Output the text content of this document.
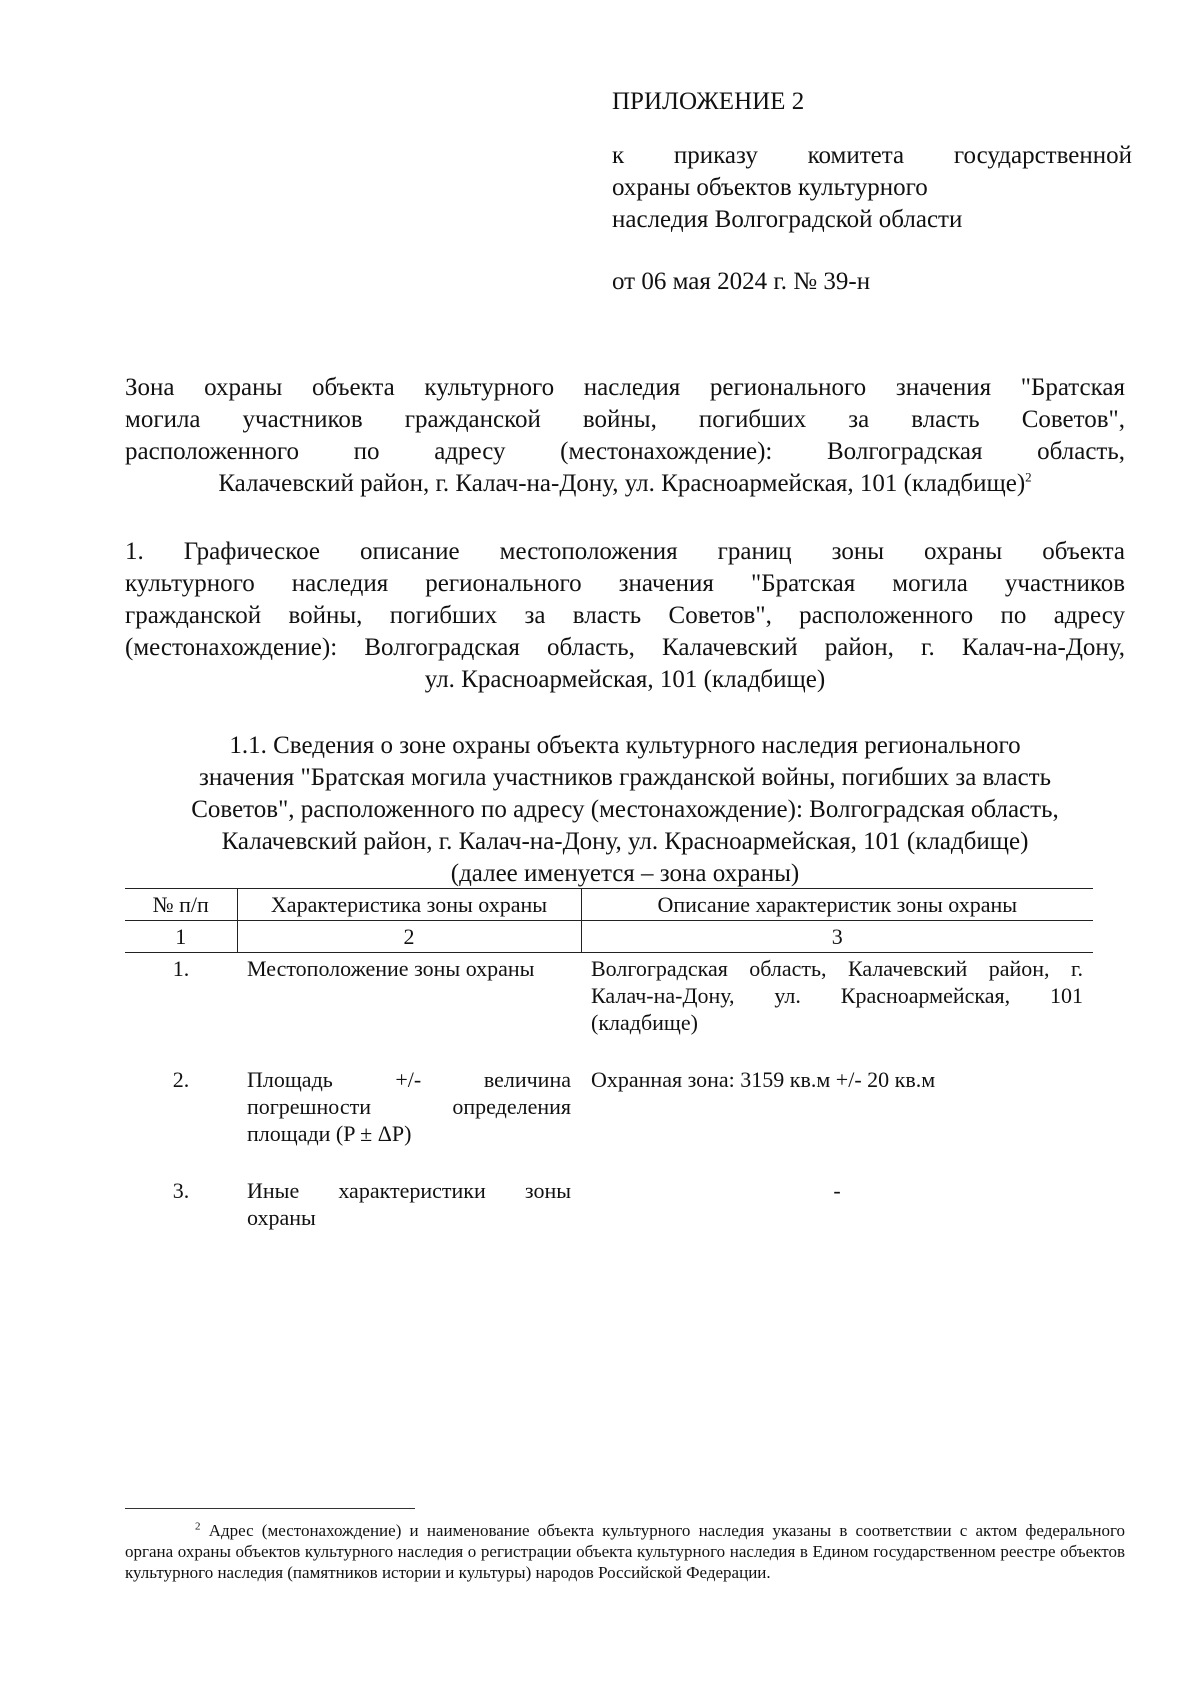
ПРИЛОЖЕНИЕ 2
к приказу комитета государственной
охраны объектов культурного
наследия Волгоградской области
от 06 мая 2024 г. № 39-н
Зона охраны объекта культурного наследия регионального значения "Братская
могила участников гражданской войны, погибших за власть Советов",
расположенного по адресу (местонахождение): Волгоградская область,
Калачевский район, г. Калач-на-Дону, ул. Красноармейская, 101 (кладбище)$^2$
1. Графическое описание местоположения границ зоны охраны объекта
культурного наследия регионального значения "Братская могила участников
гражданской войны, погибших за власть Советов", расположенного по адресу
(местонахождение): Волгоградская область, Калачевский район, г. Калач-на-Дону,
ул. Красноармейская, 101 (кладбище)
1.1. Сведения о зоне охраны объекта культурного наследия регионального
значения "Братская могила участников гражданской войны, погибших за власть
Советов", расположенного по адресу (местонахождение): Волгоградская область,
Калачевский район, г. Калач-на-Дону, ул. Красноармейская, 101 (кладбище)
(далее именуется – зона охраны)
№ п/п	Характеристика зоны охраны	Описание характеристик зоны охраны
1	2	3
1.	Местоположение зоны охраны	Волгоградская область, Калачевский район, г. Калач-на-Дону, ул. Красноармейская, 101 (кладбище)

2.	Площадь +/- величина погрешности определения площади (P ± ΔP)	Охранная зона: 3159 кв.м +/- 20 кв.м

3.	Иные характеристики зоны охраны	-
$^2$ Адрес (местонахождение) и наименование объекта культурного наследия указаны в соответствии с актом федерального органа охраны объектов культурного наследия о регистрации объекта культурного наследия в Едином государственном реестре объектов культурного наследия (памятников истории и культуры) народов Российской Федерации.
